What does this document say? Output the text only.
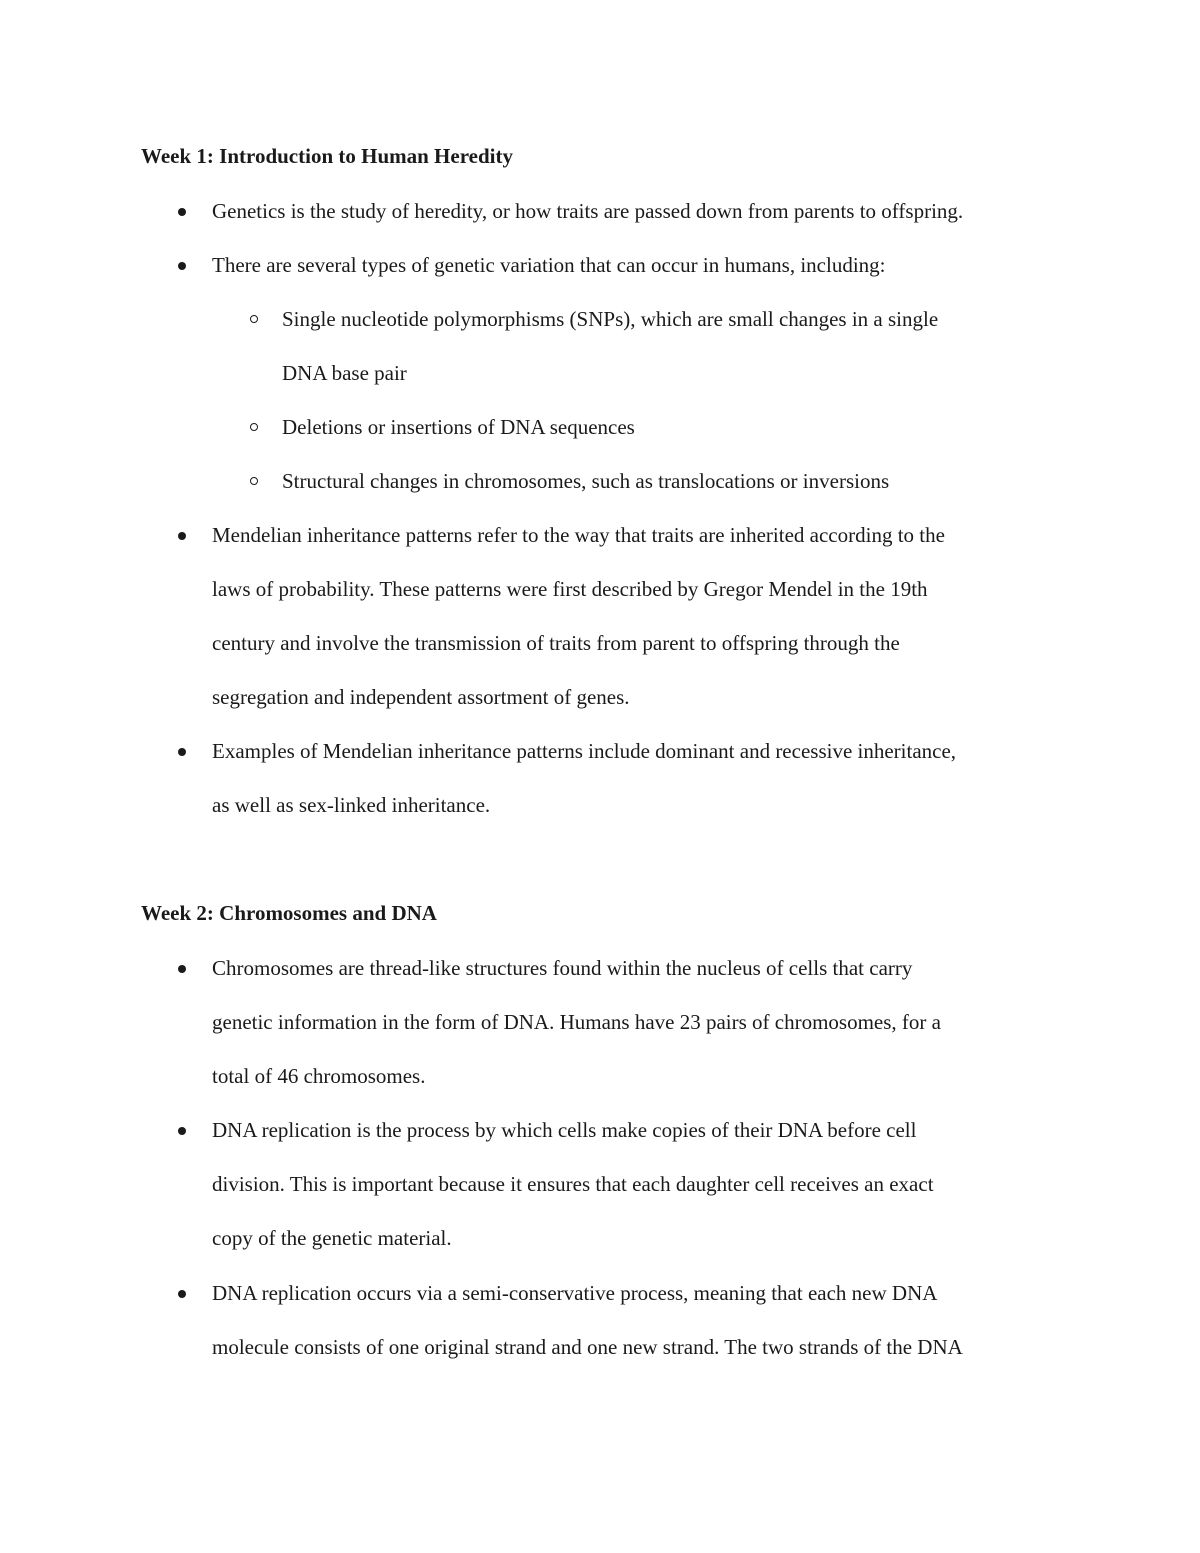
Week 1: Introduction to Human Heredity
Genetics is the study of heredity, or how traits are passed down from parents to offspring.
There are several types of genetic variation that can occur in humans, including:
Single nucleotide polymorphisms (SNPs), which are small changes in a single
DNA base pair
Deletions or insertions of DNA sequences
Structural changes in chromosomes, such as translocations or inversions
Mendelian inheritance patterns refer to the way that traits are inherited according to the
laws of probability. These patterns were first described by Gregor Mendel in the 19th
century and involve the transmission of traits from parent to offspring through the
segregation and independent assortment of genes.
Examples of Mendelian inheritance patterns include dominant and recessive inheritance,
as well as sex-linked inheritance.
Week 2: Chromosomes and DNA
Chromosomes are thread-like structures found within the nucleus of cells that carry
genetic information in the form of DNA. Humans have 23 pairs of chromosomes, for a
total of 46 chromosomes.
DNA replication is the process by which cells make copies of their DNA before cell
division. This is important because it ensures that each daughter cell receives an exact
copy of the genetic material.
DNA replication occurs via a semi-conservative process, meaning that each new DNA
molecule consists of one original strand and one new strand. The two strands of the DNA
